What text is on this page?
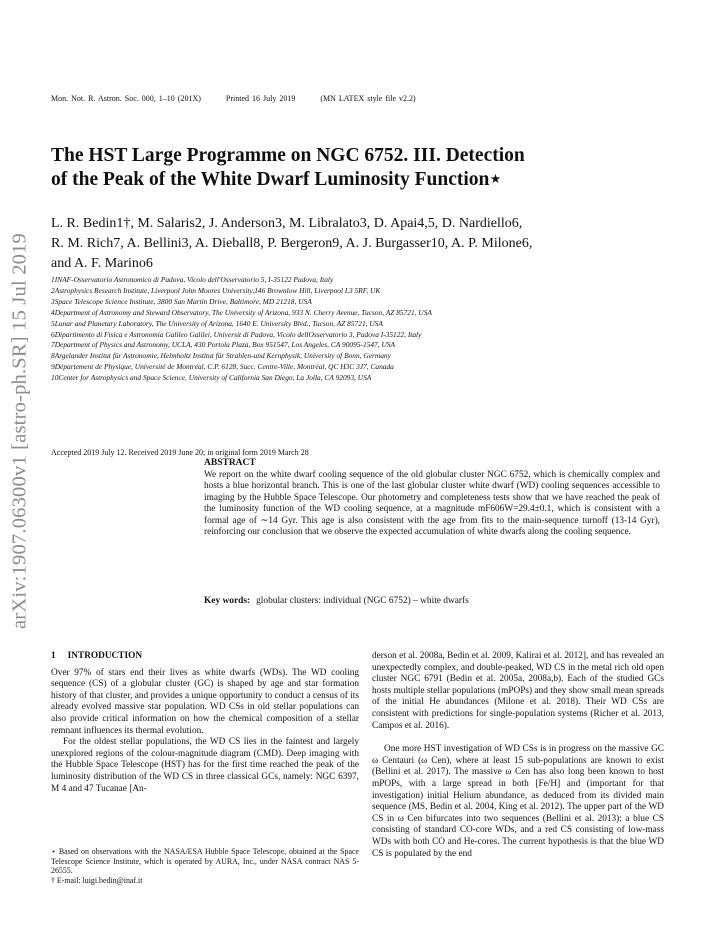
arXiv:1907.06300v1 [astro-ph.SR] 15 Jul 2019
Mon. Not. R. Astron. Soc. 000, 1–10 (201X)	Printed 16 July 2019	(MN LATEX style file v2.2)
The HST Large Programme on NGC 6752. III. Detection
of the Peak of the White Dwarf Luminosity Function⋆
L. R. Bedin1†, M. Salaris2, J. Anderson3, M. Libralato3, D. Apai4,5, D. Nardiello6,
R. M. Rich7, A. Bellini3, A. Dieball8, P. Bergeron9, A. J. Burgasser10, A. P. Milone6,
and A. F. Marino6
1INAF-Osservatorio Astronomico di Padova, Vicolo dell'Osservatorio 5, I-35122 Padova, Italy
2Astrophysics Research Institute, Liverpool John Moores University,146 Brownlow Hill, Liverpool L3 5RF, UK
3Space Telescope Science Institute, 3800 San Martin Drive, Baltimore, MD 21218, USA
4Department of Astronomy and Steward Observatory, The University of Arizona, 933 N. Cherry Avenue, Tucson, AZ 85721, USA
5Lunar and Planetary Laboratory, The University of Arizona, 1640 E. University Blvd., Tucson, AZ 85721, USA
6Dipartimento di Fisica e Astronomia Galileo Galilei, Universit di Padova, Vicolo dellOsservatorio 3, Padova I-35122, Italy
7Department of Physics and Astronomy, UCLA, 430 Portola Plaza, Box 951547, Los Angeles, CA 90095-1547, USA
8Argelander Institut für Astronomie, Helmholtz Institut für Strahlen-und Kernphysik, University of Bonn, Germany
9Département de Physique, Université de Montréal, C.P. 6128, Succ. Centre-Ville, Montréal, QC H3C 3J7, Canada
10Center for Astrophysics and Space Science, University of California San Diego, La Jolla, CA 92093, USA
Accepted 2019 July 12. Received 2019 June 20; in original form 2019 March 28
ABSTRACT

We report on the white dwarf cooling sequence of the old globular cluster NGC 6752, which is chemically complex and hosts a blue horizontal branch. This is one of the last globular cluster white dwarf (WD) cooling sequences accessible to imaging by the Hubble Space Telescope. Our photometry and completeness tests show that we have reached the peak of the luminosity function of the WD cooling sequence, at a magnitude mF606W=29.4±0.1, which is consistent with a formal age of ∼14 Gyr. This age is also consistent with the age from fits to the main-sequence turnoff (13-14 Gyr), reinforcing our conclusion that we observe the expected accumulation of white dwarfs along the cooling sequence.

Key words: globular clusters: individual (NGC 6752) – white dwarfs
1 INTRODUCTION

Over 97% of stars end their lives as white dwarfs (WDs). The WD cooling sequence (CS) of a globular cluster (GC) is shaped by age and star formation history of that cluster, and provides a unique opportunity to conduct a census of its already evolved massive star population. WD CSs in old stellar populations can also provide critical information on how the chemical composition of a stellar remnant influences its thermal evolution.

For the oldest stellar populations, the WD CS lies in the faintest and largely unexplored regions of the colour-magnitude diagram (CMD). Deep imaging with the Hubble Space Telescope (HST) has for the first time reached the peak of the luminosity distribution of the WD CS in three classical GCs, namely: NGC 6397, M 4 and 47 Tucanae [An-

derson et al. 2008a, Bedin et al. 2009, Kalirai et al. 2012], and has revealed an unexpectedly complex, and double-peaked, WD CS in the metal rich old open cluster NGC 6791 (Bedin et al. 2005a, 2008a,b). Each of the studied GCs hosts multiple stellar populations (mPOPs) and they show small mean spreads of the initial He abundances (Milone et al. 2018). Their WD CSs are consistent with predictions for single-population systems (Richer et al. 2013, Campos et al. 2016).

One more HST investigation of WD CSs is in progress on the massive GC ω Centauri (ω Cen), where at least 15 sub-populations are known to exist (Bellini et al. 2017). The massive ω Cen has also long been known to host mPOPs, with a large spread in both [Fe/H] and (important for that investigation) initial Helium abundance, as deduced from its divided main sequence (MS, Bedin et al. 2004, King et al. 2012). The upper part of the WD CS in ω Cen bifurcates into two sequences (Bellini et al. 2013): a blue CS consisting of standard CO-core WDs, and a red CS consisting of low-mass WDs with both CO and He-cores. The current hypothesis is that the blue WD CS is populated by the end

⋆ Based on observations with the NASA/ESA Hubble Space Telescope, obtained at the Space Telescope Science Institute, which is operated by AURA, Inc., under NASA contract NAS 5-26555.

† E-mail: luigi.bedin@inaf.it
